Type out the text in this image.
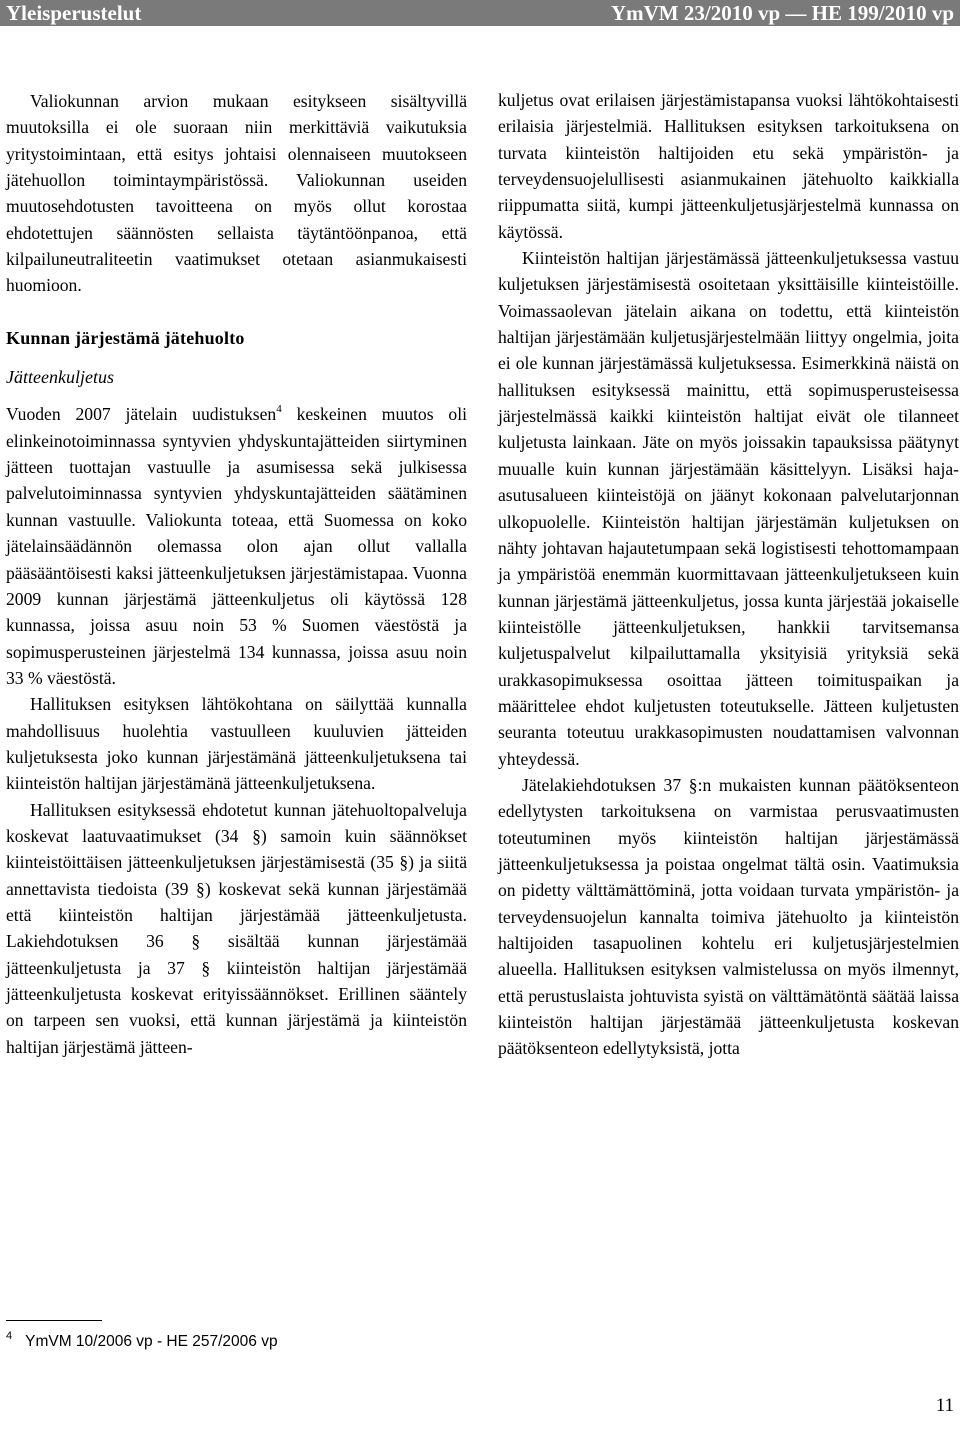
Yleisperustelut	YmVM 23/2010 vp — HE 199/2010 vp

Valiokunnan arvion mukaan esitykseen sisältyvillä muutoksilla ei ole suoraan niin merkittäviä vaikutuksia yritystoimintaan, että esitys johtaisi olennaiseen muutokseen jätehuollon toimintaympäristössä. Valiokunnan useiden muutosehdotusten tavoitteena on myös ollut korostaa ehdotettujen säännösten sellaista täytäntöönpanoa, että kilpailuneutraliteetin vaatimukset otetaan asianmukaisesti huomioon.

Kunnan järjestämä jätehuolto
Jätteenkuljetus

Vuoden 2007 jätelain uudistuksen$^4$ keskeinen muutos oli elinkeinotoiminnassa syntyvien yhdyskuntajätteiden siirtyminen jätteen tuottajan vastuulle ja asumisessa sekä julkisessa palvelutoiminnassa syntyvien yhdyskuntajätteiden säätäminen kunnan vastuulle. Valiokunta toteaa, että Suomessa on koko jätelainsäädännön olemassa olon ajan ollut vallalla pääsääntöisesti kaksi jätteenkuljetuksen järjestämistapaa. Vuonna 2009 kunnan järjestämä jätteenkuljetus oli käytössä 128 kunnassa, joissa asuu noin 53 % Suomen väestöstä ja sopimusperusteinen järjestelmä 134 kunnassa, joissa asuu noin 33 % väestöstä.

Hallituksen esityksen lähtökohtana on säilyttää kunnalla mahdollisuus huolehtia vastuulleen kuuluvien jätteiden kuljetuksesta joko kunnan järjestämänä jätteenkuljetuksena tai kiinteistön haltijan järjestämänä jätteenkuljetuksena.

Hallituksen esityksessä ehdotetut kunnan jätehuoltopalveluja koskevat laatuvaatimukset (34 §) samoin kuin säännökset kiinteistöittäisen jätteenkuljetuksen järjestämisestä (35 §) ja siitä annettavista tiedoista (39 §) koskevat sekä kunnan järjestämää että kiinteistön haltijan järjestämää jätteenkuljetusta. Lakiehdotuksen 36 § sisältää kunnan järjestämää jätteenkuljetusta ja 37 § kiinteistön haltijan järjestämää jätteenkuljetusta koskevat erityissäännökset. Erillinen sääntely on tarpeen sen vuoksi, että kunnan järjestämä ja kiinteistön haltijan järjestämä jätteen-

kuljetus ovat erilaisen järjestämistapansa vuoksi lähtökohtaisesti erilaisia järjestelmiä. Hallituksen esityksen tarkoituksena on turvata kiinteistön haltijoiden etu sekä ympäristön- ja terveydensuojelullisesti asianmukainen jätehuolto kaikkialla riippumatta siitä, kumpi jätteenkuljetusjärjestelmä kunnassa on käytössä.

Kiinteistön haltijan järjestämässä jätteenkuljetuksessa vastuu kuljetuksen järjestämisestä osoitetaan yksittäisille kiinteistöille. Voimassaolevan jätelain aikana on todettu, että kiinteistön haltijan järjestämään kuljetusjärjestelmään liittyy ongelmia, joita ei ole kunnan järjestämässä kuljetuksessa. Esimerkkinä näistä on hallituksen esityksessä mainittu, että sopimusperusteisessa järjestelmässä kaikki kiinteistön haltijat eivät ole tilanneet kuljetusta lainkaan. Jäte on myös joissakin tapauksissa päätynyt muualle kuin kunnan järjestämään käsittelyyn. Lisäksi haja-asutusalueen kiinteistöjä on jäänyt kokonaan palvelutarjonnan ulkopuolelle. Kiinteistön haltijan järjestämän kuljetuksen on nähty johtavan hajautetumpaan sekä logistisesti tehottomampaan ja ympäristöä enemmän kuormittavaan jätteenkuljetukseen kuin kunnan järjestämä jätteenkuljetus, jossa kunta järjestää jokaiselle kiinteistölle jätteenkuljetuksen, hankkii tarvitsemansa kuljetuspalvelut kilpailuttamalla yksityisiä yrityksiä sekä urakkasopimuksessa osoittaa jätteen toimituspaikan ja määrittelee ehdot kuljetusten toteutukselle. Jätteen kuljetusten seuranta toteutuu urakkasopimusten noudattamisen valvonnan yhteydessä.

Jätelakiehdotuksen 37 §:n mukaisten kunnan päätöksenteon edellytysten tarkoituksena on varmistaa perusvaatimusten toteutuminen myös kiinteistön haltijan järjestämässä jätteenkuljetuksessa ja poistaa ongelmat tältä osin. Vaatimuksia on pidetty välttämättöminä, jotta voidaan turvata ympäristön- ja terveydensuojelun kannalta toimiva jätehuolto ja kiinteistön haltijoiden tasapuolinen kohtelu eri kuljetusjärjestelmien alueella. Hallituksen esityksen valmistelussa on myös ilmennyt, että perustuslaista johtuvista syistä on välttämätöntä säätää laissa kiinteistön haltijan järjestämää jätteenkuljetusta koskevan päätöksenteon edellytyksistä, jotta

$^4$ YmVM 10/2006 vp - HE 257/2006 vp
11
